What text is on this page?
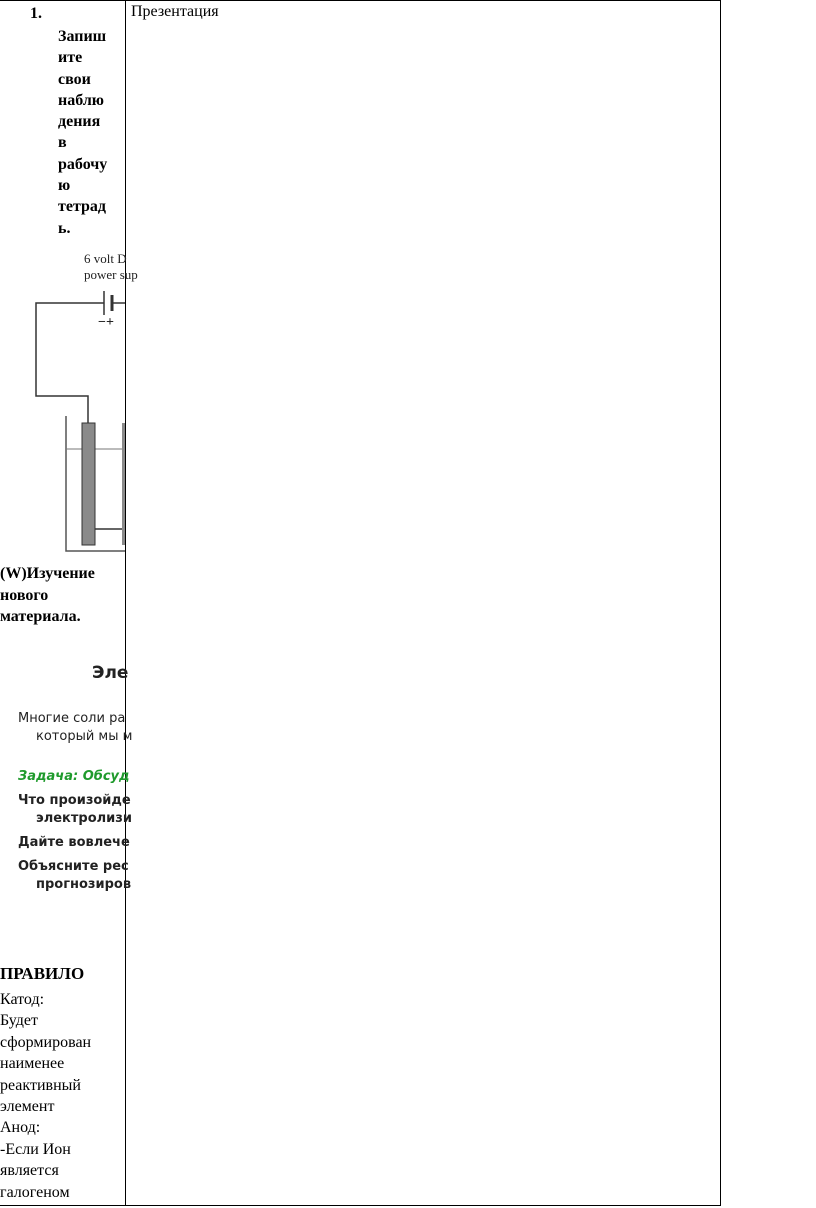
1.
Запиш
ите
свои
наблю
дения
в
рабочу
ю
тетрад
ь.
6 volt D
power sup
−+
(W)Изучение
нового
материала.
Эле
Многие соли ра
который мы м
Задача: Обсуд
Что произойде
электролизи
Дайте вовлече
Объясните рес
прогнозиров
ПРАВИЛО
Катод:
Будет
сформирован
наименее
реактивный
элемент
Анод:
-Если Ион
является
галогеном
Презентация
